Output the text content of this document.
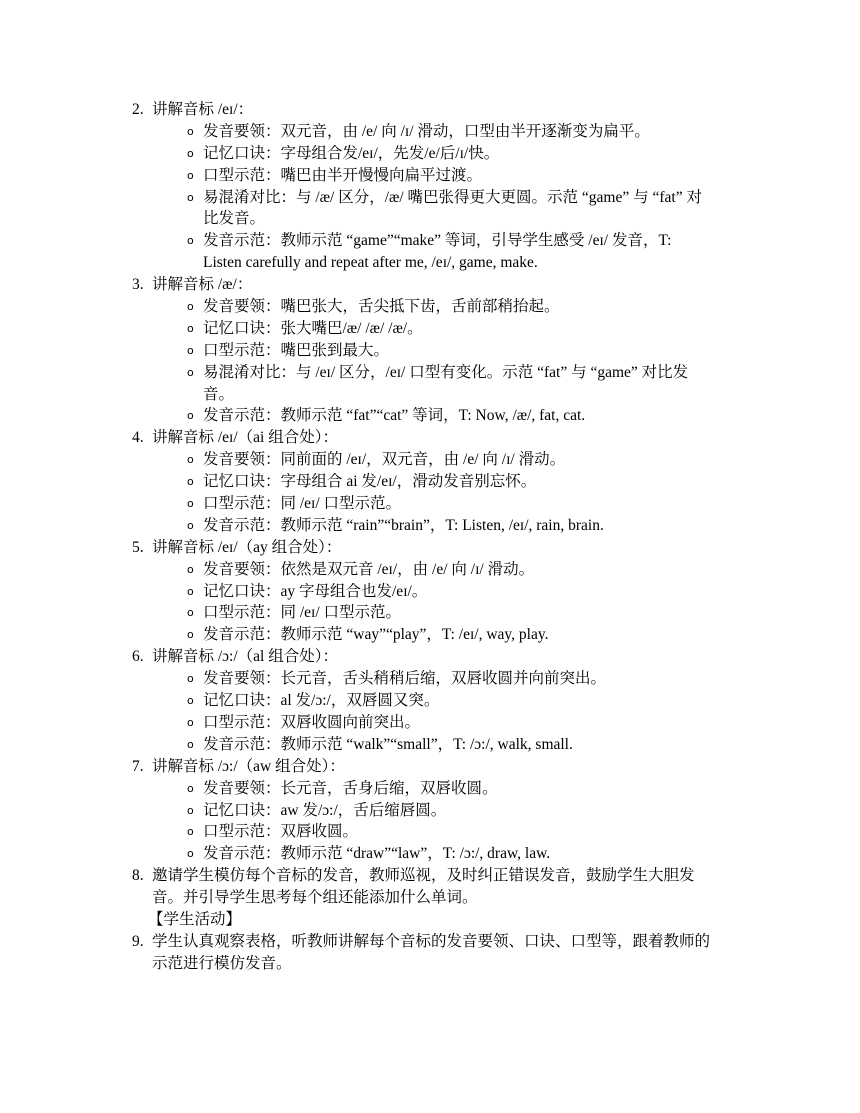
2. 讲解音标 /eɪ/：
o 发音要领：双元音，由 /e/ 向 /ɪ/ 滑动，口型由半开逐渐变为扁平。
o 记忆口诀：字母组合发/eɪ/，先发/e/后/ɪ/快。
o 口型示范：嘴巴由半开慢慢向扁平过渡。
o 易混淆对比：与 /æ/ 区分，/æ/ 嘴巴张得更大更圆。示范 “game” 与 “fat” 对
比发音。
o 发音示范：教师示范 “game”“make” 等词，引导学生感受 /eɪ/ 发音，T:
Listen carefully and repeat after me, /eɪ/, game, make.
3. 讲解音标 /æ/：
o 发音要领：嘴巴张大，舌尖抵下齿，舌前部稍抬起。
o 记忆口诀：张大嘴巴/æ/ /æ/ /æ/。
o 口型示范：嘴巴张到最大。
o 易混淆对比：与 /eɪ/ 区分，/eɪ/ 口型有变化。示范 “fat” 与 “game” 对比发
音。
o 发音示范：教师示范 “fat”“cat” 等词，T: Now, /æ/, fat, cat.
4. 讲解音标 /eɪ/（ai 组合处）：
o 发音要领：同前面的 /eɪ/，双元音，由 /e/ 向 /ɪ/ 滑动。
o 记忆口诀：字母组合 ai 发/eɪ/，滑动发音别忘怀。
o 口型示范：同 /eɪ/ 口型示范。
o 发音示范：教师示范 “rain”“brain”，T: Listen, /eɪ/, rain, brain.
5. 讲解音标 /eɪ/（ay 组合处）：
o 发音要领：依然是双元音 /eɪ/，由 /e/ 向 /ɪ/ 滑动。
o 记忆口诀：ay 字母组合也发/eɪ/。
o 口型示范：同 /eɪ/ 口型示范。
o 发音示范：教师示范 “way”“play”，T: /eɪ/, way, play.
6. 讲解音标 /ɔ:/（al 组合处）：
o 发音要领：长元音，舌头稍稍后缩，双唇收圆并向前突出。
o 记忆口诀：al 发/ɔ:/，双唇圆又突。
o 口型示范：双唇收圆向前突出。
o 发音示范：教师示范 “walk”“small”，T: /ɔ:/, walk, small.
7. 讲解音标 /ɔ:/（aw 组合处）：
o 发音要领：长元音，舌身后缩，双唇收圆。
o 记忆口诀：aw 发/ɔ:/，舌后缩唇圆。
o 口型示范：双唇收圆。
o 发音示范：教师示范 “draw”“law”，T: /ɔ:/, draw, law.
8. 邀请学生模仿每个音标的发音，教师巡视，及时纠正错误发音，鼓励学生大胆发
音。并引导学生思考每个组还能添加什么单词。
【学生活动】
9. 学生认真观察表格，听教师讲解每个音标的发音要领、口诀、口型等，跟着教师的
示范进行模仿发音。
